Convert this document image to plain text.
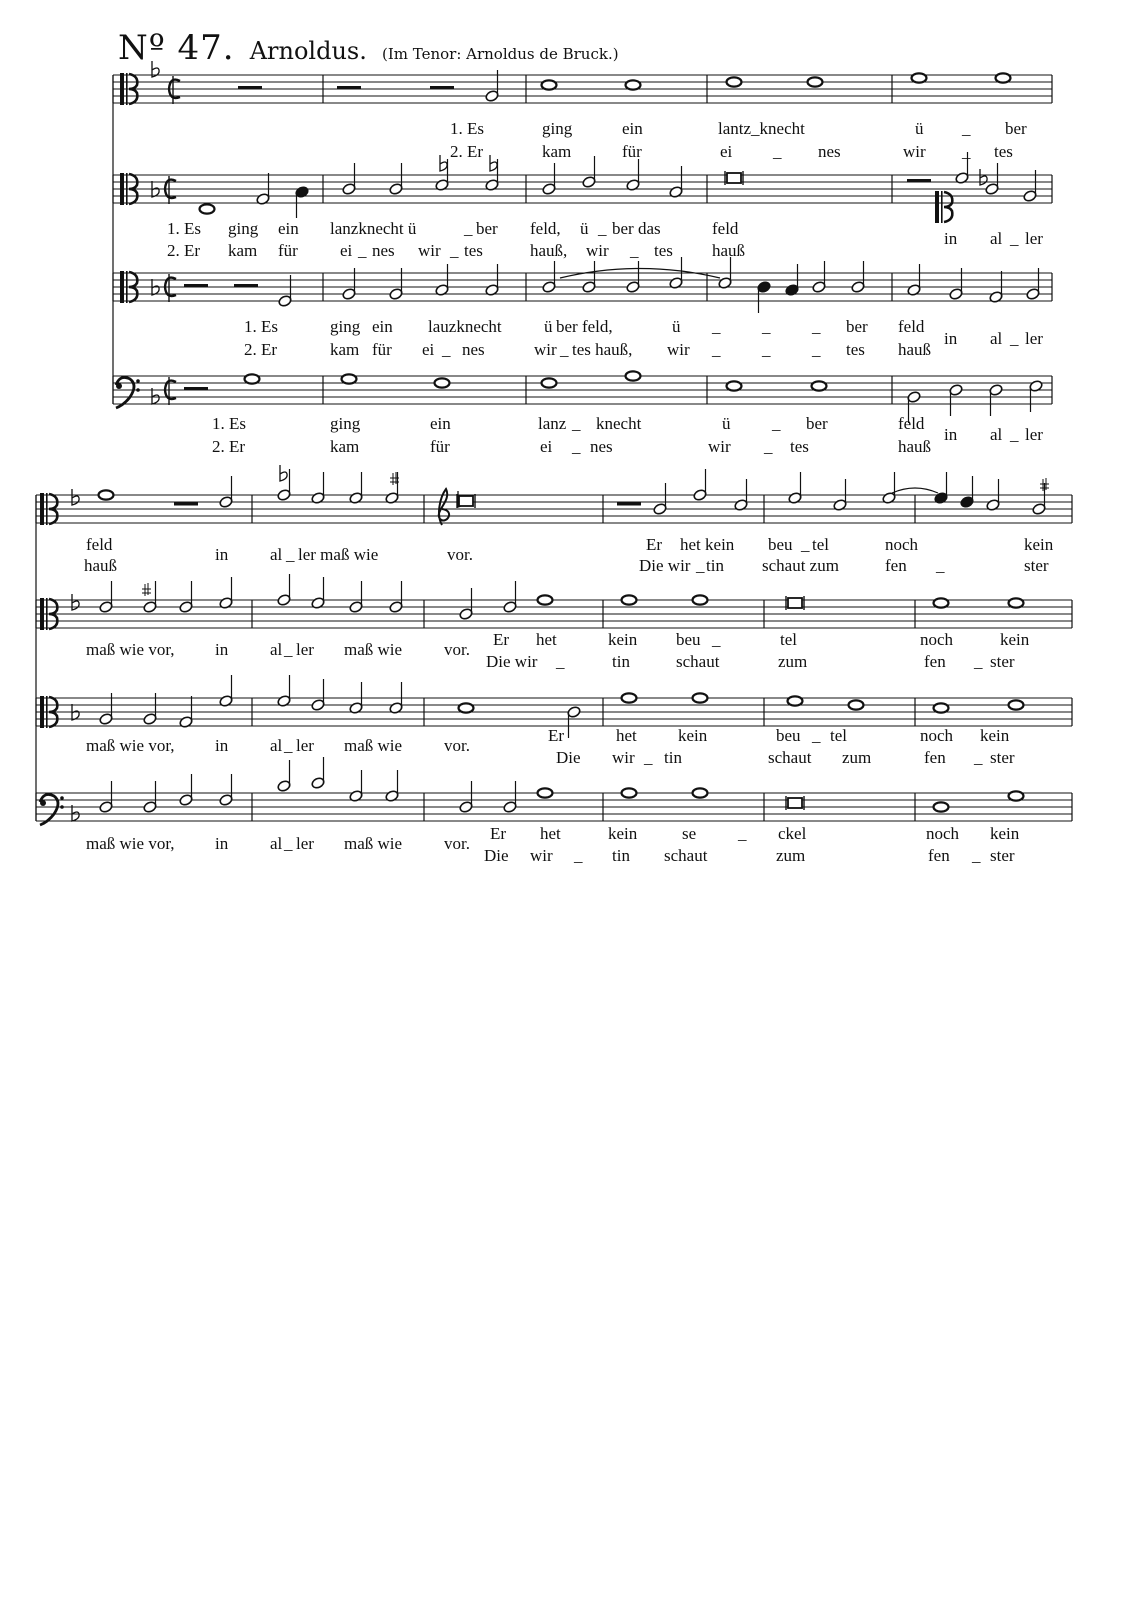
Nº 47. Arnoldus. (Im Tenor: Arnoldus de Bruck.)
1. Es	ging	ein	lantz_knecht	ü _ ber
2. Er	kam	für	ei _ nes	wir _ tes
1. Es ging ein lanzknecht ü	_ ber feld, ü _ ber das	feld
in al _ ler
2. Er kam für ei _ nes wir _ tes	hauß, wir _ tes hauß
1. Es	ging ein lauzknecht ü ber feld,	ü _ _ _ ber feld
in al _ ler
2. Er	kam für ei _ nes	wir _ tes hauß, wir _ _ _ tes hauß
1. Es	ging	ein	lanz _ knecht	ü _ ber	feld
in al _ ler
2. Er	kam	für	ei _ nes	wir _ tes	hauß
feld
in al _ ler maß wie	vor.
Er het kein beu _ tel	noch	kein
hauß	Die wir _ tin schaut zum	fen _	ster
maß wie vor, in al _ ler maß wie vor.
Er het	kein beu _	tel	noch	kein
Die wir _	tin	schaut	zum	fen _ ster
maß wie vor, in al _ ler maß wie vor.
Er	het kein	beu _ tel	noch kein
Die wir _ tin	schaut zum	fen _ ster
maß wie vor, in al _ ler maß wie vor.
Er het	kein	se _ ckel	noch kein
Die wir _ tin schaut	zum	fen _ ster
